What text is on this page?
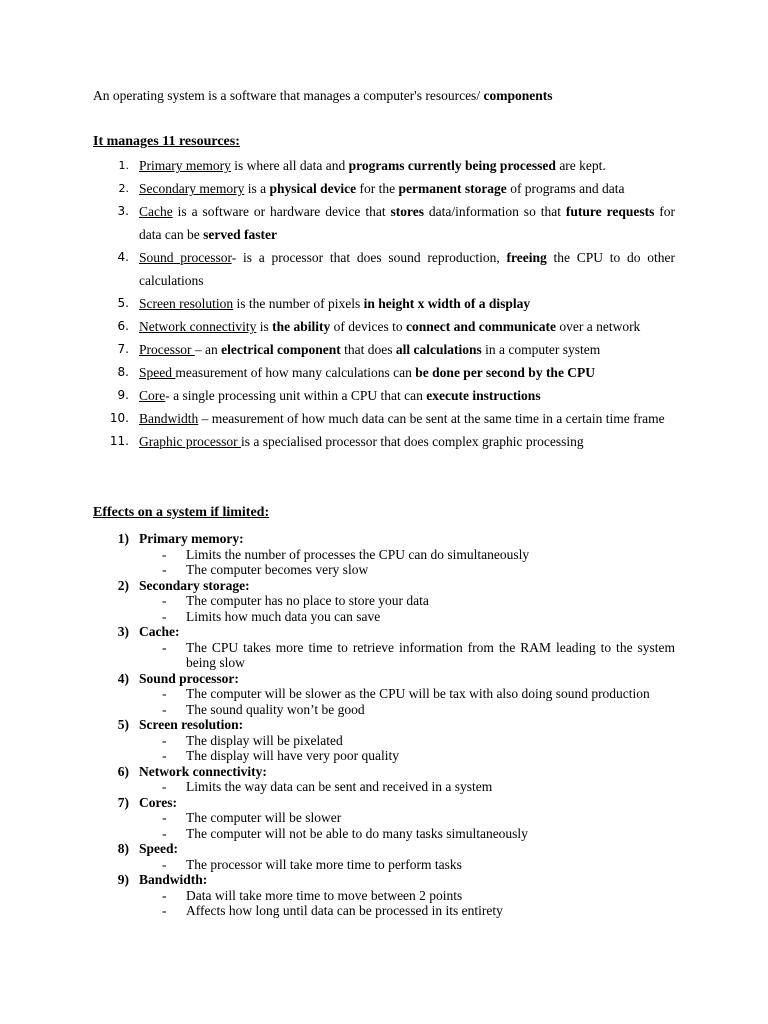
An operating system is a software that manages a computer's resources/ components
It manages 11 resources:
1. Primary memory is where all data and programs currently being processed are kept.
2. Secondary memory is a physical device for the permanent storage of programs and data
3. Cache is a software or hardware device that stores data/information so that future requests for data can be served faster
4. Sound processor- is a processor that does sound reproduction, freeing the CPU to do other calculations
5. Screen resolution is the number of pixels in height x width of a display
6. Network connectivity is the ability of devices to connect and communicate over a network
7. Processor – an electrical component that does all calculations in a computer system
8. Speed measurement of how many calculations can be done per second by the CPU
9. Core- a single processing unit within a CPU that can execute instructions
10. Bandwidth – measurement of how much data can be sent at the same time in a certain time frame
11. Graphic processor is a specialised processor that does complex graphic processing
Effects on a system if limited:
1) Primary memory:
- Limits the number of processes the CPU can do simultaneously
- The computer becomes very slow
2) Secondary storage:
- The computer has no place to store your data
- Limits how much data you can save
3) Cache:
- The CPU takes more time to retrieve information from the RAM leading to the system being slow
4) Sound processor:
- The computer will be slower as the CPU will be tax with also doing sound production
- The sound quality won’t be good
5) Screen resolution:
- The display will be pixelated
- The display will have very poor quality
6) Network connectivity:
- Limits the way data can be sent and received in a system
7) Cores:
- The computer will be slower
- The computer will not be able to do many tasks simultaneously
8) Speed:
- The processor will take more time to perform tasks
9) Bandwidth:
- Data will take more time to move between 2 points
- Affects how long until data can be processed in its entirety
